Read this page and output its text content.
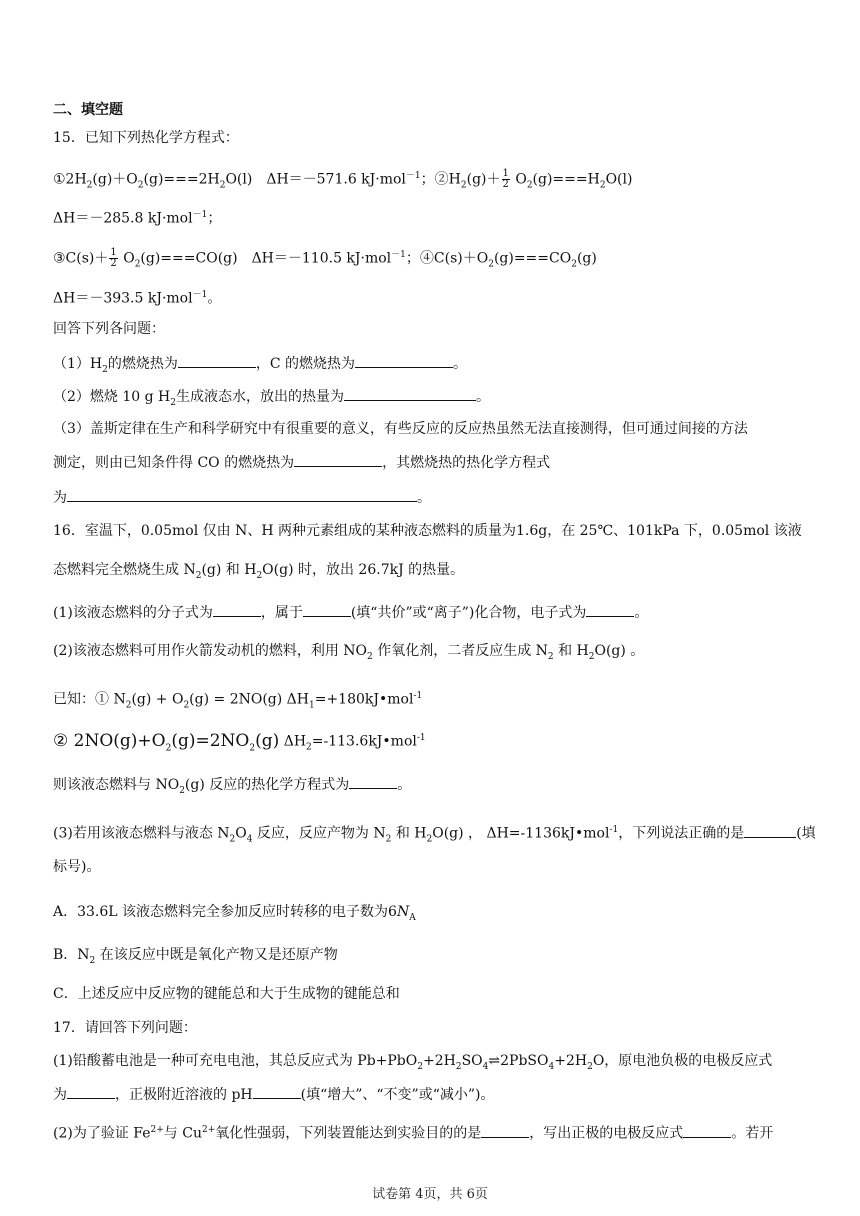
二、填空题
15．已知下列热化学方程式：
$①2H_2(g)+O_2(g)===2H_2O(l)$　ΔH＝－571.6 kJ·mol$^{-1}$；$②H_2(g)+ \frac{1}{2} O_2(g)===H_2O(l)$
ΔH＝－285.8 kJ·mol$^{-1}$；
③C(s)＋ $\frac{1}{2} O_2(g)===CO(g)$　ΔH＝－110.5 kJ·mol$^{-1}$；$④C(s)+O_2(g)===CO_2(g)$
ΔH＝－393.5 kJ·mol$^{-1}$。
回答下列各问题：
$(1)H_2$的燃烧热为	，C 的燃烧热为	。
（2）燃烧 10 g $H_2$生成液态水，放出的热量为	。
（3）盖斯定律在生产和科学研究中有很重要的意义，有些反应的反应热虽然无法直接测得，但可通过间接的方法
测定，则由已知条件得 CO 的燃烧热为	，其燃烧热的热化学方程式
为	。
16．室温下，0.05mol 仅由 N、H 两种元素组成的某种液态燃料的质量为1.6g，在 25℃、101kPa 下，0.05mol 该液
态燃料完全燃烧生成 $N_2(g)$ 和 $H_2O(g)$ 时，放出 26.7kJ 的热量。
(1)该液态燃料的分子式为	，属于	(填“共价”或“离子”)化合物，电子式为	。
(2)该液态燃料可用作火箭发动机的燃料，利用 $NO_2$ 作氧化剂，二者反应生成 $N_2$ 和 $H_2O(g)$ 。
已知：① $N_2(g) + O_2(g) = 2NO(g)$ $\Delta H_1=+180kJ•mol^{-1}$
② $2NO(g)+O_2(g)=2NO_2(g)$ $\Delta H_2=-113.6kJ•mol^{-1}$
则该液态燃料与 $NO_2(g)$ 反应的热化学方程式为	。
(3)若用该液态燃料与液态 $N_2O_4$ 反应，反应产物为 $N_2$ 和 $H_2O(g)$ ， ΔH=-1136kJ•mol$^{-1}$，下列说法正确的是	(填
标号)。
A．33.6L 该液态燃料完全参加反应时转移的电子数为$6N_A$
B．$N_2$ 在该反应中既是氧化产物又是还原产物
C．上述反应中反应物的键能总和大于生成物的键能总和
17．请回答下列问题：
(1)铅酸蓄电池是一种可充电电池，其总反应式为 $Pb+PbO_2+2H_2SO_4\rightleftharpoons 2PbSO_4+2H_2O$，原电池负极的电极反应式
为	，正极附近溶液的 pH	(填“增大”、“不变”或“减小”)。
(2)为了验证 $Fe^{2+}$与 $Cu^{2+}$氧化性强弱，下列装置能达到实验目的的是	，写出正极的电极反应式	。若开
试卷第 4页，共 6页
